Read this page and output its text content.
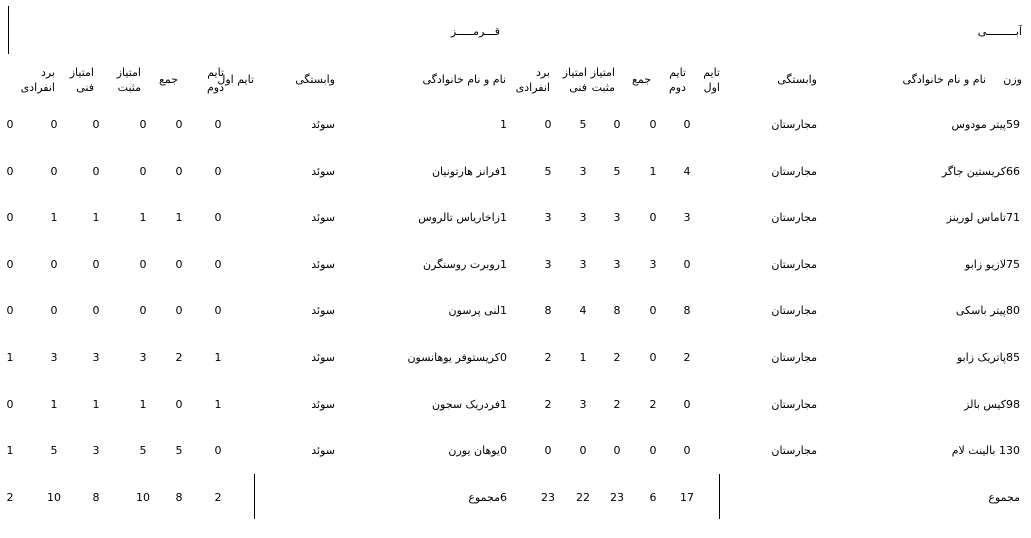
آبـــــــــی
قـــرمـــــز
وزن
نام و نام خانوادگی
وابستگی
تایم اول
تایم دوم
جمع
امتیاز مثبت
امتیاز فنی
برد انفرادی
نام و نام خانوادگی
وابستگی
تایم اول
تایم دوم
جمع
امتیاز مثبت
امتیاز فنی
برد انفرادی
59پیتر مودوس
مجارستان
0
0
0
5
0
1
سوئد
0
0
0
0
0
0
66کریستین جاگر
مجارستان
4
1
5
3
5
1فرانز هارتونیان
سوئد
0
0
0
0
0
0
71تاماس لورینز
مجارستان
3
0
3
3
3
1زاخاریاس تالروس
سوئد
0
1
1
1
1
0
75لازیو زابو
مجارستان
0
3
3
3
3
1روبرت روسنگرن
سوئد
0
0
0
0
0
0
80پیتر باسکی
مجارستان
8
0
8
4
8
1لنی پرسون
سوئد
0
0
0
0
0
0
85پاتریک زابو
مجارستان
2
0
2
1
2
0کریستوفر یوهانسون
سوئد
1
2
3
3
3
1
98کیس بالز
مجارستان
0
2
2
3
2
1فردریک سجون
سوئد
1
0
1
1
1
0
130 بالینت لام
مجارستان
0
0
0
0
0
0یوهان یورن
سوئد
0
5
5
3
5
1
مجموع
6مجموع	17
6
23
22
23
2
8
10
8
10
2
